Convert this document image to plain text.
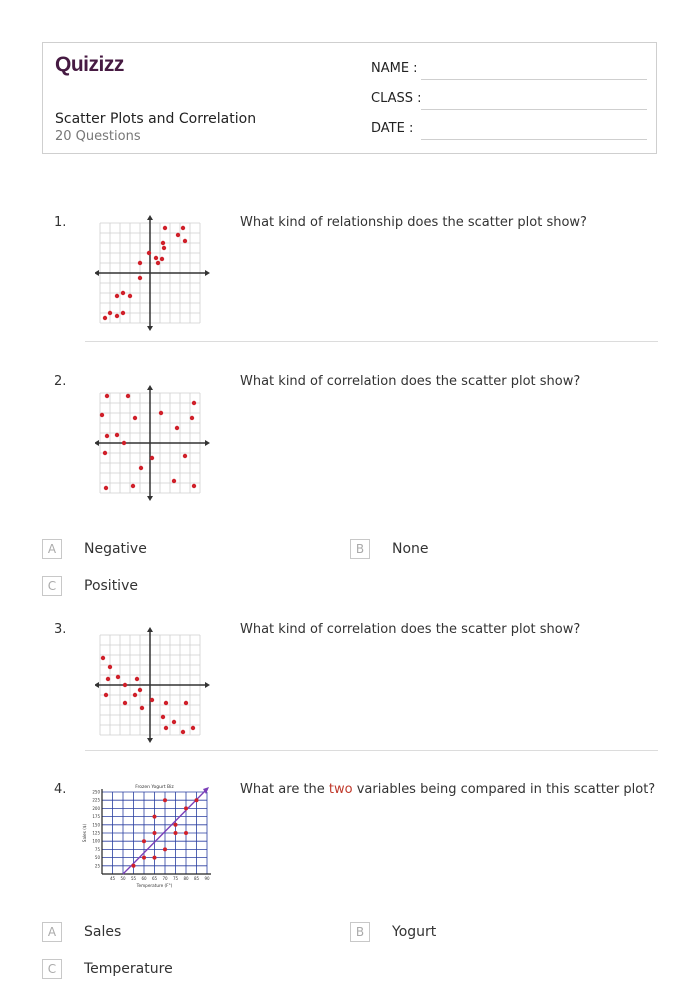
Quizizz
Scatter Plots and Correlation
20 Questions
NAME :
CLASS :
DATE :
1.	What kind of relationship does the scatter plot show?
2.	What kind of correlation does the scatter plot show?
A Negative	B None
C Positive
3.	What kind of correlation does the scatter plot show?
4.	What are the two variables being compared in this scatter plot?
Frozen Yogurt Biz
25
50
75
100
125
150
175
200
225
250
45 50 55 60 65 70 75 80 85 90
Temperature (F°)
Sales ($)
A Sales	B Yogurt
C Temperature
